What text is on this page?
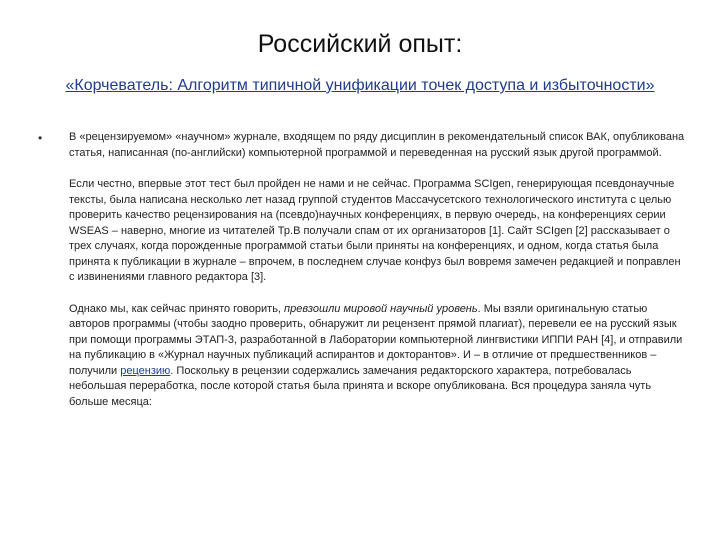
Российский опыт:
«Корчеватель: Алгоритм типичной унификации точек доступа и избыточности»
• В «рецензируемом» «научном» журнале, входящем по ряду дисциплин в рекомендательный список ВАК, опубликована статья, написанная (по-английски) компьютерной программой и переведенная на русский язык другой программой.

Если честно, впервые этот тест был пройден не нами и не сейчас. Программа SCIgen, генерирующая псевдонаучные тексты, была написана несколько лет назад группой студентов Массачусетского технологического института с целью проверить качество рецензирования на (псевдо)научных конференциях, в первую очередь, на конференциях серии WSEAS – наверно, многие из читателей Тр.В получали спам от их организаторов [1]. Сайт SCIgen [2] рассказывает о трех случаях, когда порожденные программой статьи были приняты на конференциях, и одном, когда статья была принята к публикации в журнале – впрочем, в последнем случае конфуз был вовремя замечен редакцией и поправлен с извинениями главного редактора [3].

Однако мы, как сейчас принято говорить, превзошли мировой научный уровень. Мы взяли оригинальную статью авторов программы (чтобы заодно проверить, обнаружит ли рецензент прямой плагиат), перевели ее на русский язык при помощи программы ЭТАП-3, разработанной в Лаборатории компьютерной лингвистики ИППИ РАН [4], и отправили на публикацию в «Журнал научных публикаций аспирантов и докторантов». И – в отличие от предшественников – получили рецензию. Поскольку в рецензии содержались замечания редакторского характера, потребовалась небольшая переработка, после которой статья была принята и вскоре опубликована. Вся процедура заняла чуть больше месяца:
